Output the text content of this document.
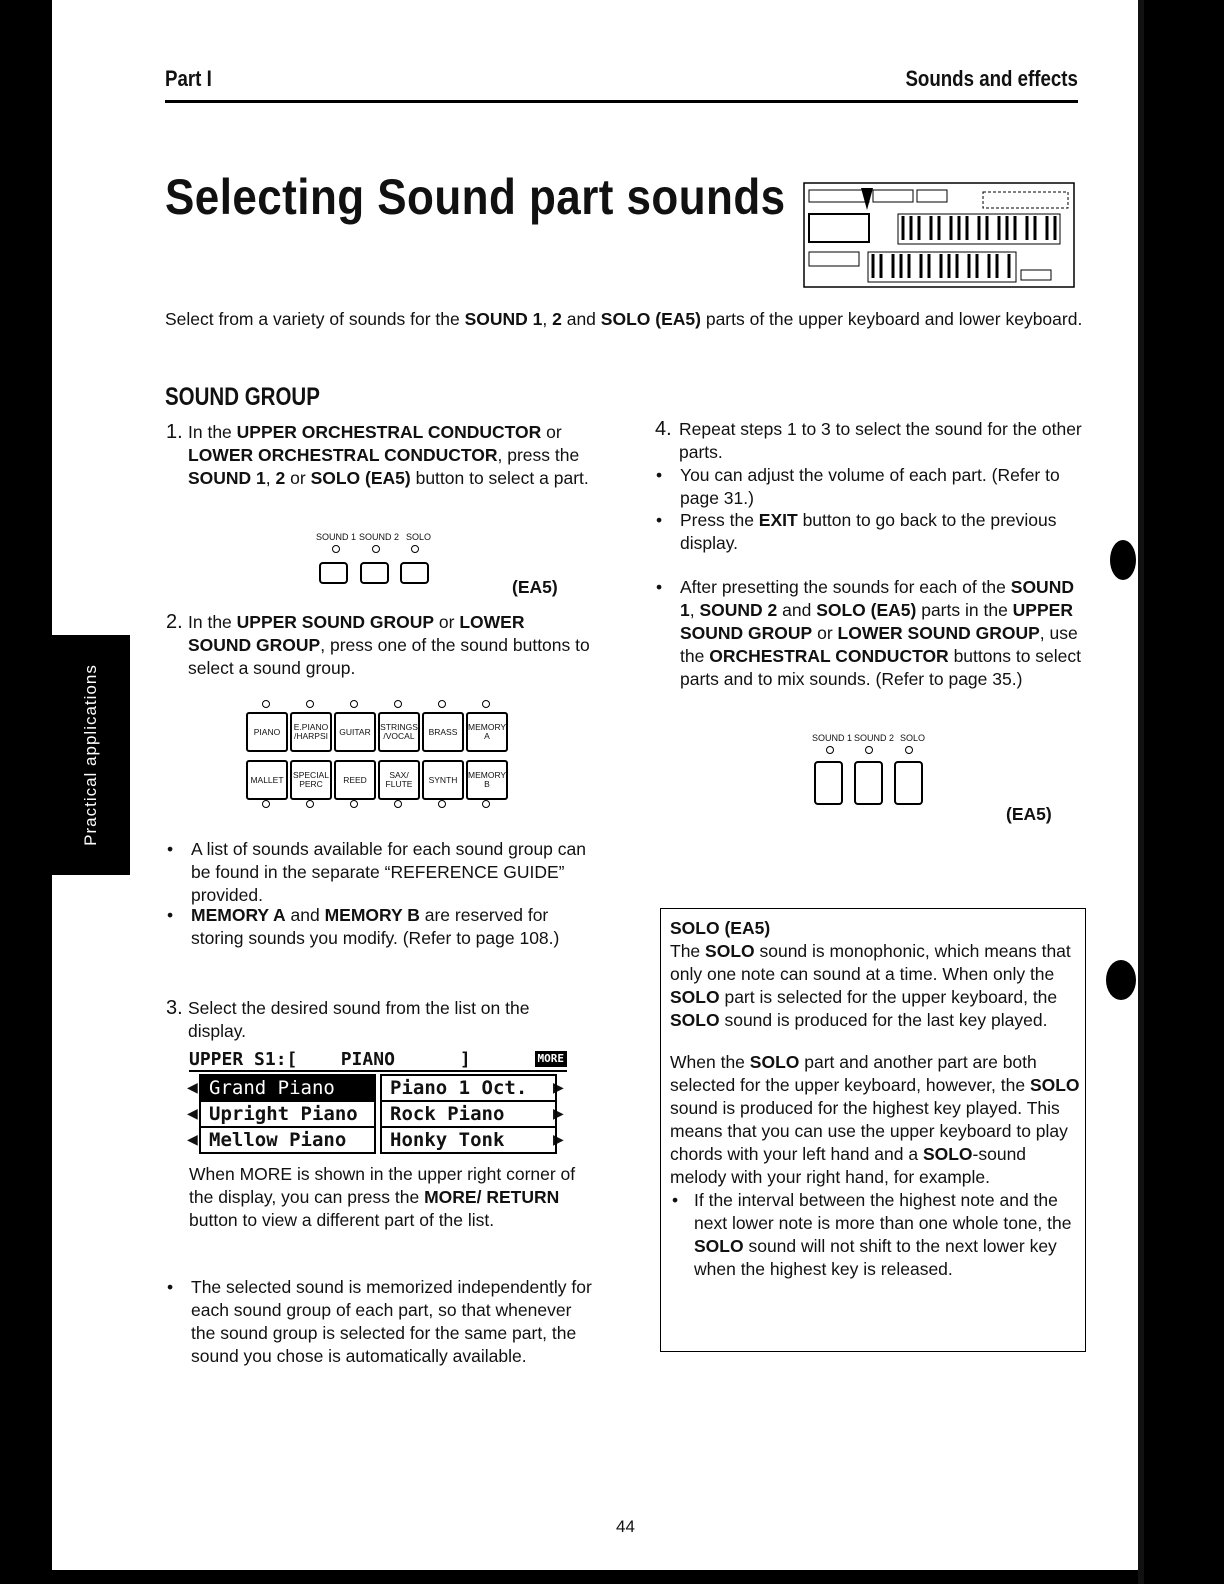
Practical applications
Part I	Sounds and effects
Selecting Sound part sounds
Select from a variety of sounds for the SOUND 1, 2 and SOLO (EA5) parts of the upper keyboard and lower keyboard.
SOUND GROUP
1. In the UPPER ORCHESTRAL CONDUCTOR or LOWER ORCHESTRAL CONDUCTOR, press the SOUND 1, 2 or SOLO (EA5) button to select a part.
SOUND 1 SOUND 2 SOLO
(EA5)
2. In the UPPER SOUND GROUP or LOWER SOUND GROUP, press one of the sound buttons to select a sound group.
PIANO	E.PIANO /HARPSI	GUITAR	STRINGS /VOCAL	BRASS	MEMORY A
MALLET	SPECIAL PERC	REED	SAX/ FLUTE	SYNTH	MEMORY B
• A list of sounds available for each sound group can be found in the separate “REFERENCE GUIDE” provided.
• MEMORY A and MEMORY B are reserved for storing sounds you modify. (Refer to page 108.)
3. Select the desired sound from the list on the display.
UPPER S1:[    PIANO      ]	MORE
◀
◀
◀
▶
▶
▶
Grand Piano	Piano 1 Oct.
Upright Piano	Rock Piano
Mellow Piano	Honky Tonk
When MORE is shown in the upper right corner of the display, you can press the MORE/ RETURN button to view a different part of the list.
• The selected sound is memorized independently for each sound group of each part, so that whenever the sound group is selected for the same part, the sound you chose is automatically available.
4. Repeat steps 1 to 3 to select the sound for the other parts.
• You can adjust the volume of each part. (Refer to page 31.)
• Press the EXIT button to go back to the previous display.
• After presetting the sounds for each of the SOUND 1, SOUND 2 and SOLO (EA5) parts in the UPPER SOUND GROUP or LOWER SOUND GROUP, use the ORCHESTRAL CONDUCTOR buttons to select parts and to mix sounds. (Refer to page 35.)
SOUND 1 SOUND 2 SOLO
(EA5)
SOLO (EA5)
The SOLO sound is monophonic, which means that only one note can sound at a time. When only the SOLO part is selected for the upper keyboard, the SOLO sound is produced for the last key played.
When the SOLO part and another part are both selected for the upper keyboard, however, the SOLO sound is produced for the highest key played. This means that you can use the upper keyboard to play chords with your left hand and a SOLO-sound melody with your right hand, for example.
• If the interval between the highest note and the next lower note is more than one whole tone, the SOLO sound will not shift to the next lower key when the highest key is released.
44
